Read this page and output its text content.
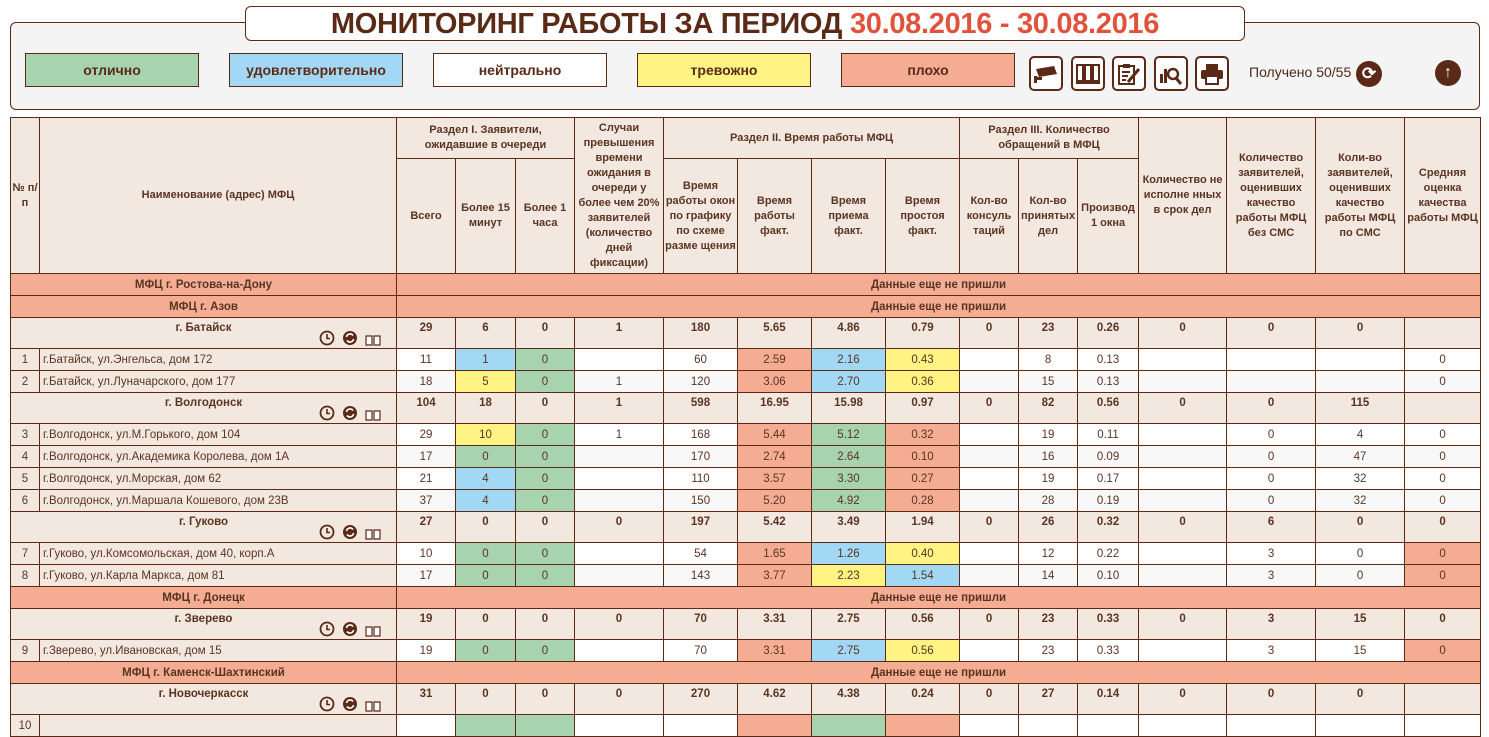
МОНИТОРИНГ РАБОТЫ ЗА ПЕРИОД 30.08.2016 - 30.08.2016
отлично	удовлетворительно	нейтрально	тревожно	плохо	Получено 50/55 ⟳	↑
№ п/п	Наименование (адрес) МФЦ	Раздел I. Заявители, ожидавшие в очереди			Случаи превышения времени ожидания в очереди у более чем 20% заявителей (количество дней фиксации)	Раздел II. Время работы МФЦ				Раздел III. Количество обращений в МФЦ			Количество не исполне нных в срок дел	Количество заявителей, оценивших качество работы МФЦ без СМС	Коли-во заявителей, оценивших качество работы МФЦ по СМС	Средняя оценка качества работы МФЦ
		Всего	Более 15 минут	Более 1 часа		Время работы окон по графику по схеме разме щения	Время работы факт.	Время приема факт.	Время простоя факт.	Кол-во консуль таций	Кол-во принятых дел	Производ 1 окна				
МФЦ г. Ростова-на-Дону		Данные еще не пришли														
МФЦ г. Азов		Данные еще не пришли														
г. Батайск		29	6	0	1	180	5.65	4.86	0.79	0	23	0.26	0	0	0	
1	г.Батайск, ул.Энгельса, дом 172	11	1	0		60	2.59	2.16	0.43		8	0.13				0
2	г.Батайск, ул.Луначарского, дом 177	18	5	0	1	120	3.06	2.70	0.36		15	0.13				0
г. Волгодонск		104	18	0	1	598	16.95	15.98	0.97	0	82	0.56	0	0	115	
3	г.Волгодонск, ул.М.Горького, дом 104	29	10	0	1	168	5.44	5.12	0.32		19	0.11		0	4	0
4	г.Волгодонск, ул.Академика Королева, дом 1А	17	0	0		170	2.74	2.64	0.10		16	0.09		0	47	0
5	г.Волгодонск, ул.Морская, дом 62	21	4	0		110	3.57	3.30	0.27		19	0.17		0	32	0
6	г.Волгодонск, ул.Маршала Кошевого, дом 23В	37	4	0		150	5.20	4.92	0.28		28	0.19		0	32	0
г. Гуково		27	0	0	0	197	5.42	3.49	1.94	0	26	0.32	0	6	0	0
7	г.Гуково, ул.Комсомольская, дом 40, корп.А	10	0	0		54	1.65	1.26	0.40		12	0.22		3	0	0
8	г.Гуково, ул.Карла Маркса, дом 81	17	0	0		143	3.77	2.23	1.54		14	0.10		3	0	0
МФЦ г. Донецк		Данные еще не пришли														
г. Зверево		19	0	0	0	70	3.31	2.75	0.56	0	23	0.33	0	3	15	0
9	г.Зверево, ул.Ивановская, дом 15	19	0	0		70	3.31	2.75	0.56		23	0.33		3	15	0
МФЦ г. Каменск-Шахтинский		Данные еще не пришли														
г. Новочеркасск		31	0	0	0	270	4.62	4.38	0.24	0	27	0.14	0	0	0	
10																
